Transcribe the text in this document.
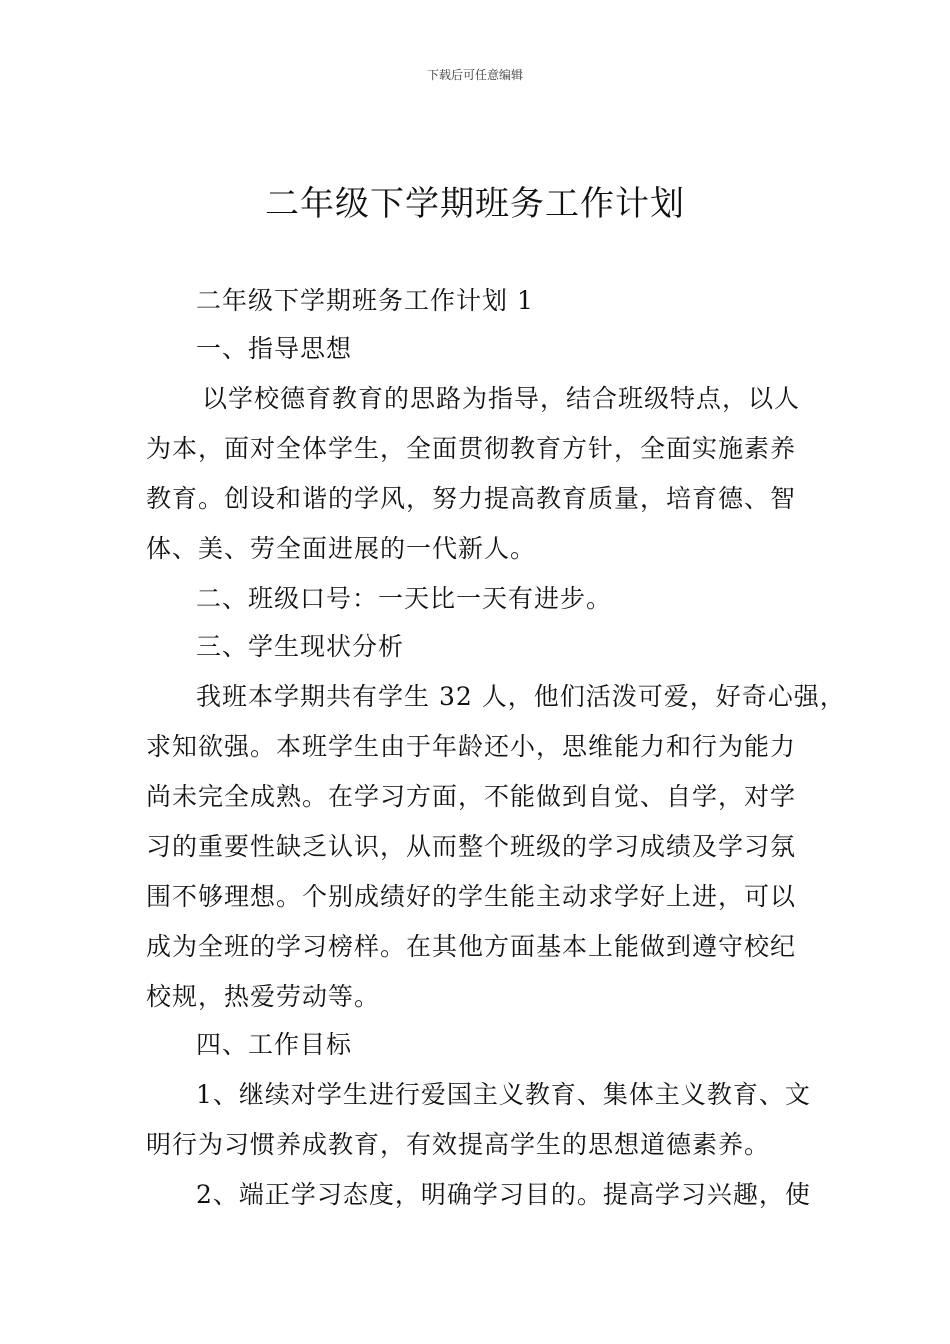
下载后可任意编辑
二年级下学期班务工作计划
二年级下学期班务工作计划 1
一、指导思想
以学校德育教育的思路为指导，结合班级特点，以人
为本，面对全体学生，全面贯彻教育方针，全面实施素养
教育。创设和谐的学风，努力提高教育质量，培育德、智
体、美、劳全面进展的一代新人。
二、班级口号：一天比一天有进步。
三、学生现状分析
我班本学期共有学生 32 人，他们活泼可爱，好奇心强，
求知欲强。本班学生由于年龄还小，思维能力和行为能力
尚未完全成熟。在学习方面，不能做到自觉、自学，对学
习的重要性缺乏认识，从而整个班级的学习成绩及学习氛
围不够理想。个别成绩好的学生能主动求学好上进，可以
成为全班的学习榜样。在其他方面基本上能做到遵守校纪
校规，热爱劳动等。
四、工作目标
1、继续对学生进行爱国主义教育、集体主义教育、文
明行为习惯养成教育，有效提高学生的思想道德素养。
2、端正学习态度，明确学习目的。提高学习兴趣，使
